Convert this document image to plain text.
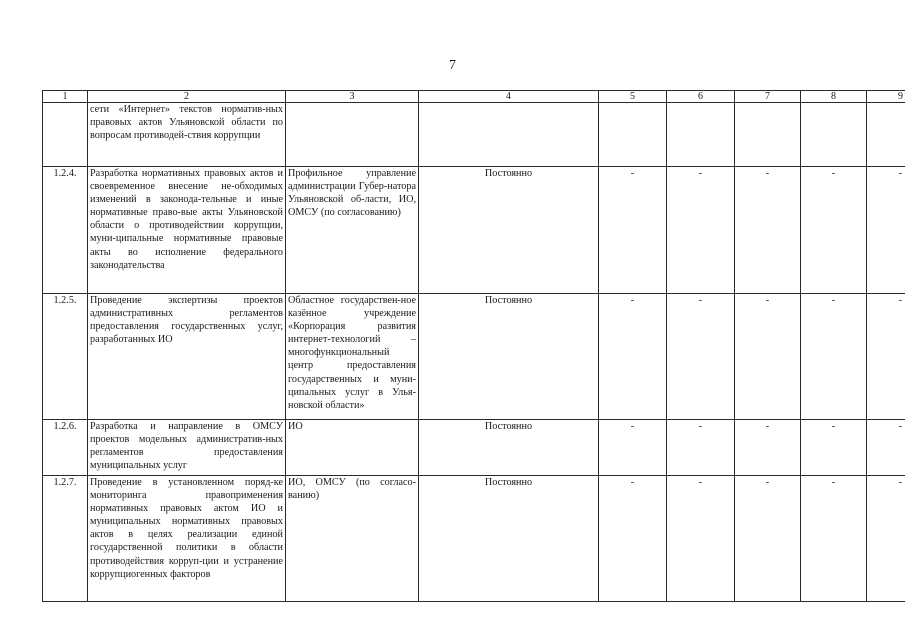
7
1	2	3	4	5	6	7	8	9
	сети «Интернет» текстов норматив-ных правовых актов Ульяновской области по вопросам противодей-ствия коррупции							
1.2.4.	Разработка нормативных правовых актов и своевременное внесение не-обходимых изменений в законода-тельные и иные нормативные право-вые акты Ульяновской области о противодействии коррупции, муни-ципальные нормативные правовые акты во исполнение федерального законодательства	Профильное управление администрации Губер-натора Ульяновской об-ласти, ИО, ОМСУ (по согласованию)	Постоянно	-	-	-	-	-
1.2.5.	Проведение экспертизы проектов административных регламентов предоставления государственных услуг, разработанных ИО	Областное государствен-ное казённое учреждение «Корпорация развития интернет-технологий – многофункциональный центр предоставления государственных и муни-ципальных услуг в Улья-новской области»	Постоянно	-	-	-	-	-
1.2.6.	Разработка и направление в ОМСУ проектов модельных административ-ных регламентов предоставления муниципальных услуг	ИО	Постоянно	-	-	-	-	-
1.2.7.	Проведение в установленном поряд-ке мониторинга правоприменения нормативных правовых актом ИО и муниципальных нормативных правовых актов в целях реализации единой государственной политики в области противодействия корруп-ции и устранение коррупциогенных факторов	ИО, ОМСУ (по согласо-ванию)	Постоянно	-	-	-	-	-
